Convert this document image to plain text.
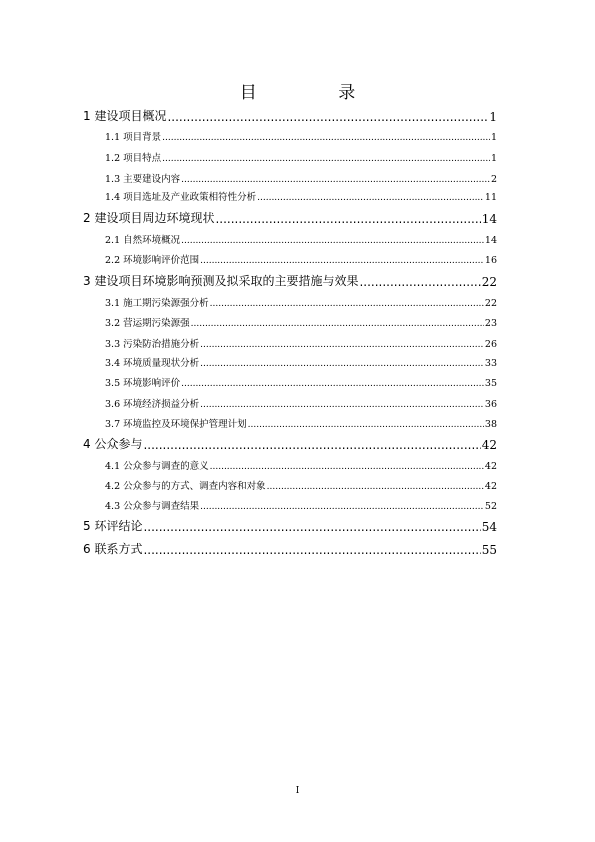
目 录
1 建设项目概况 .....	1
1.1 项目背景 .....	1
1.2 项目特点 .....	1
1.3 主要建设内容 .....	2
1.4 项目选址及产业政策相符性分析 .....	11
2 建设项目周边环境现状 .....	14
2.1 自然环境概况 .....	14
2.2 环境影响评价范围 .....	16
3 建设项目环境影响预测及拟采取的主要措施与效果 .....	22
3.1 施工期污染源强分析 .....	22
3.2 营运期污染源强 .....	23
3.3 污染防治措施分析 .....	26
3.4 环境质量现状分析 .....	33
3.5 环境影响评价 .....	35
3.6 环境经济损益分析 .....	36
3.7 环境监控及环境保护管理计划 .....	38
4 公众参与 .....	42
4.1 公众参与调查的意义 .....	42
4.2 公众参与的方式、调查内容和对象 .....	42
4.3 公众参与调查结果 .....	52
5 环评结论 .....	54
6 联系方式 .....	55
I
